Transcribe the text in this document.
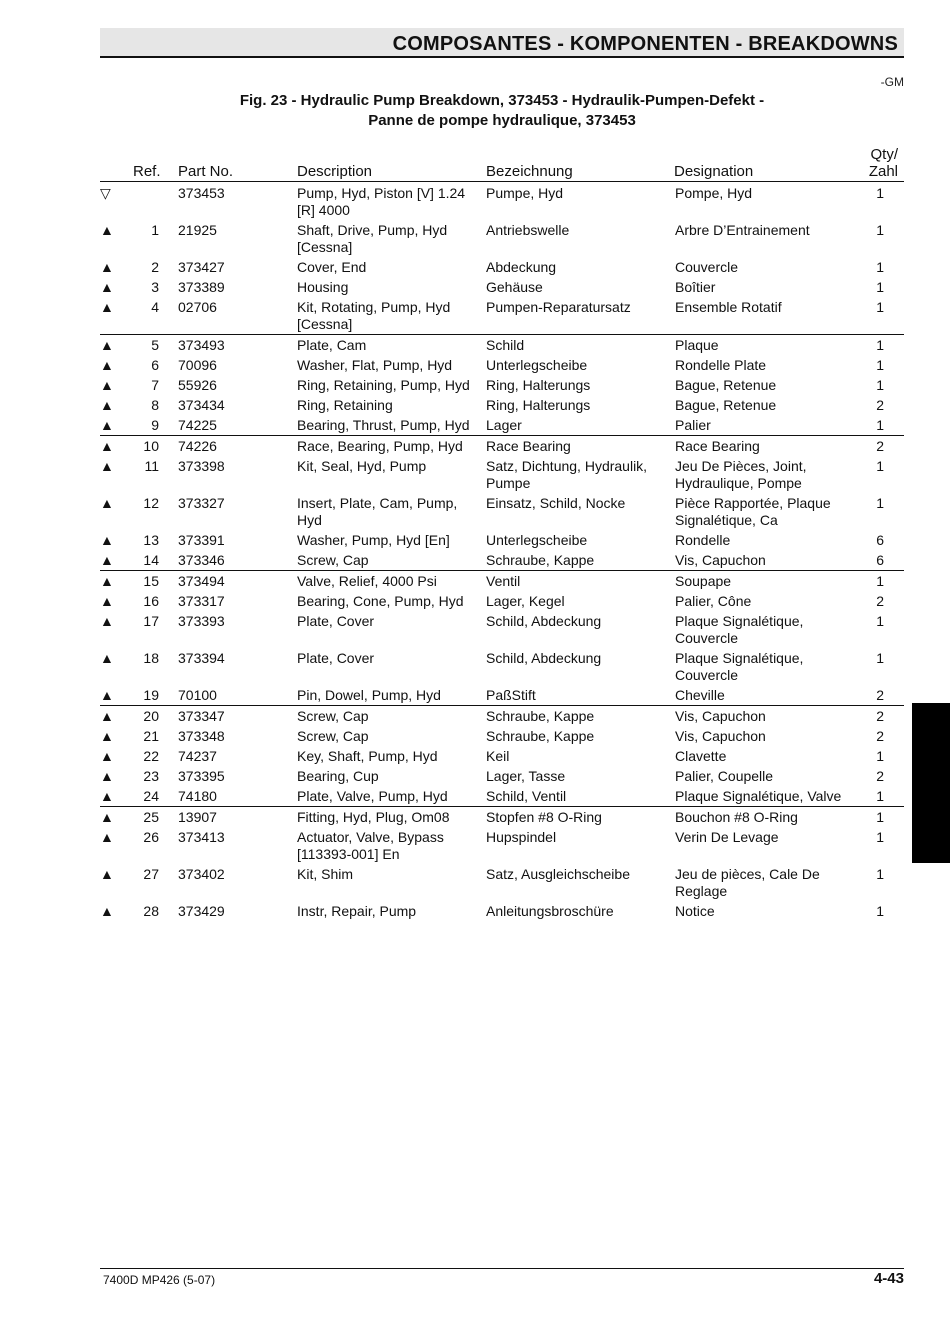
COMPOSANTES - KOMPONENTEN - BREAKDOWNS
-GM
Fig. 23 - Hydraulic Pump Breakdown, 373453 - Hydraulik-Pumpen-Defekt -
Panne de pompe hydraulique, 373453
Ref. Part No.	Description	Bezeichnung	Designation
Qty/
Zahl
▽		373453	Pump, Hyd, Piston [V] 1.24 [R] 4000	Pumpe, Hyd	Pompe, Hyd	1
▲	1	21925	Shaft, Drive, Pump, Hyd [Cessna]	Antriebswelle	Arbre D’Entrainement	1
▲	2	373427	Cover, End	Abdeckung	Couvercle	1
▲	3	373389	Housing	Gehäuse	Boîtier	1
▲	4	02706	Kit, Rotating, Pump, Hyd [Cessna]	Pumpen-Reparatursatz	Ensemble Rotatif	1
▲	5	373493	Plate, Cam	Schild	Plaque	1
▲	6	70096	Washer, Flat, Pump, Hyd	Unterlegscheibe	Rondelle Plate	1
▲	7	55926	Ring, Retaining, Pump, Hyd	Ring, Halterungs	Bague, Retenue	1
▲	8	373434	Ring, Retaining	Ring, Halterungs	Bague, Retenue	2
▲	9	74225	Bearing, Thrust, Pump, Hyd	Lager	Palier	1
▲	10	74226	Race, Bearing, Pump, Hyd	Race Bearing	Race Bearing	2
▲	11	373398	Kit, Seal, Hyd, Pump	Satz, Dichtung, Hydraulik, Pumpe	Jeu De Pièces, Joint, Hydraulique, Pompe	1
▲	12	373327	Insert, Plate, Cam, Pump, Hyd	Einsatz, Schild, Nocke	Pièce Rapportée, Plaque Signalétique, Ca	1
▲	13	373391	Washer, Pump, Hyd [En]	Unterlegscheibe	Rondelle	6
▲	14	373346	Screw, Cap	Schraube, Kappe	Vis, Capuchon	6
▲	15	373494	Valve, Relief, 4000 Psi	Ventil	Soupape	1
▲	16	373317	Bearing, Cone, Pump, Hyd	Lager, Kegel	Palier, Cône	2
▲	17	373393	Plate, Cover	Schild, Abdeckung	Plaque Signalétique, Couvercle	1
▲	18	373394	Plate, Cover	Schild, Abdeckung	Plaque Signalétique, Couvercle	1
▲	19	70100	Pin, Dowel, Pump, Hyd	PaßStift	Cheville	2
▲	20	373347	Screw, Cap	Schraube, Kappe	Vis, Capuchon	2
▲	21	373348	Screw, Cap	Schraube, Kappe	Vis, Capuchon	2
▲	22	74237	Key, Shaft, Pump, Hyd	Keil	Clavette	1
▲	23	373395	Bearing, Cup	Lager, Tasse	Palier, Coupelle	2
▲	24	74180	Plate, Valve, Pump, Hyd	Schild, Ventil	Plaque Signalétique, Valve	1
▲	25	13907	Fitting, Hyd, Plug, Om08	Stopfen #8 O-Ring	Bouchon #8 O-Ring	1
▲	26	373413	Actuator, Valve, Bypass [113393-001] En	Hupspindel	Verin De Levage	1
▲	27	373402	Kit, Shim	Satz, Ausgleichscheibe	Jeu de pièces, Cale De Reglage	1
▲	28	373429	Instr, Repair, Pump	Anleitungsbroschüre	Notice	1
7400D MP426 (5-07)	4-43
